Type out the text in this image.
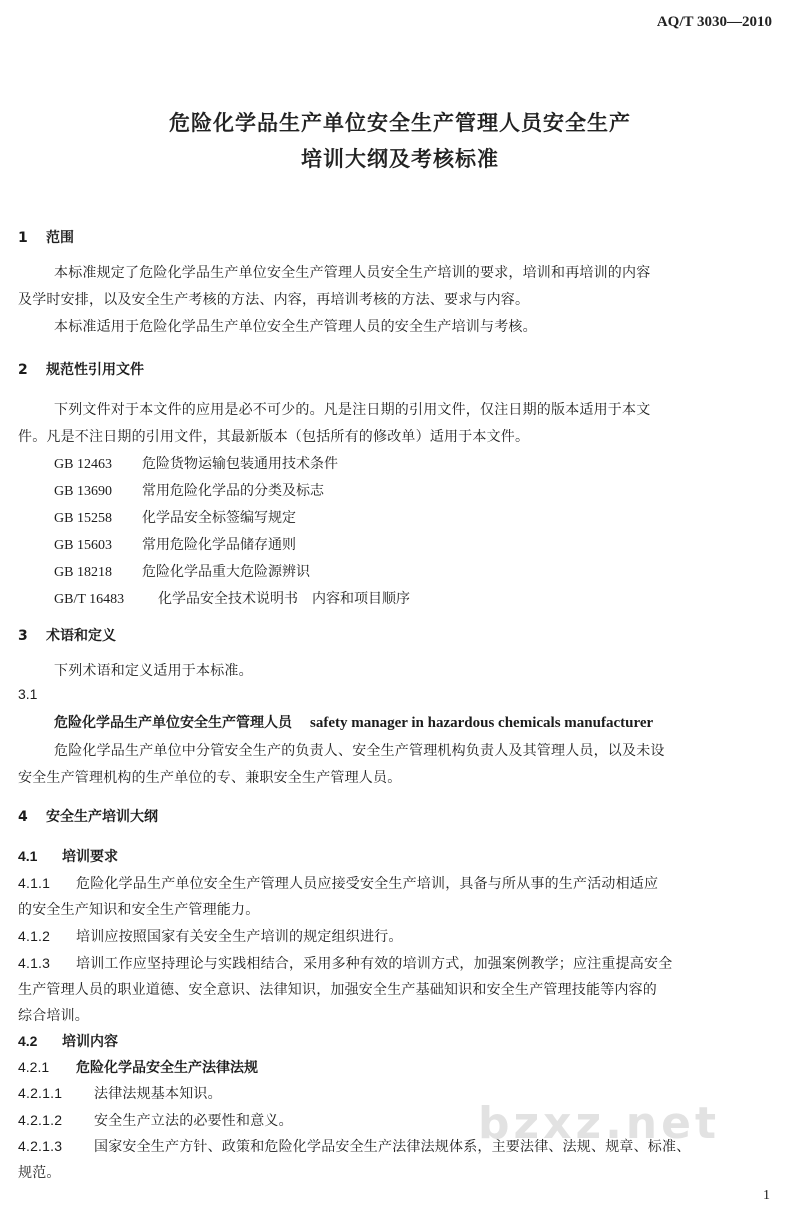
AQ/T 3030—2010
危险化学品生产单位安全生产管理人员安全生产
培训大纲及考核标准
1 范围
本标准规定了危险化学品生产单位安全生产管理人员安全生产培训的要求，培训和再培训的内容
及学时安排，以及安全生产考核的方法、内容，再培训考核的方法、要求与内容。
本标准适用于危险化学品生产单位安全生产管理人员的安全生产培训与考核。
2 规范性引用文件
下列文件对于本文件的应用是必不可少的。凡是注日期的引用文件，仅注日期的版本适用于本文
件。凡是不注日期的引用文件，其最新版本（包括所有的修改单）适用于本文件。
GB 12463 危险货物运输包装通用技术条件
GB 13690 常用危险化学品的分类及标志
GB 15258 化学品安全标签编写规定
GB 15603 常用危险化学品储存通则
GB 18218 危险化学品重大危险源辨识
GB/T 16483 化学品安全技术说明书　内容和项目顺序
3 术语和定义
下列术语和定义适用于本标准。
3.1
危险化学品生产单位安全生产管理人员 safety manager in hazardous chemicals manufacturer
危险化学品生产单位中分管安全生产的负责人、安全生产管理机构负责人及其管理人员，以及未设
安全生产管理机构的生产单位的专、兼职安全生产管理人员。
4 安全生产培训大纲
4.1 培训要求
4.1.1 危险化学品生产单位安全生产管理人员应接受安全生产培训，具备与所从事的生产活动相适应
的安全生产知识和安全生产管理能力。
4.1.2 培训应按照国家有关安全生产培训的规定组织进行。
4.1.3 培训工作应坚持理论与实践相结合，采用多种有效的培训方式，加强案例教学；应注重提高安全
生产管理人员的职业道德、安全意识、法律知识，加强安全生产基础知识和安全生产管理技能等内容的
综合培训。
4.2 培训内容
4.2.1 危险化学品安全生产法律法规
4.2.1.1 法律法规基本知识。
4.2.1.2 安全生产立法的必要性和意义。
4.2.1.3 国家安全生产方针、政策和危险化学品安全生产法律法规体系，主要法律、法规、规章、标准、
规范。
bzxz.net
1
